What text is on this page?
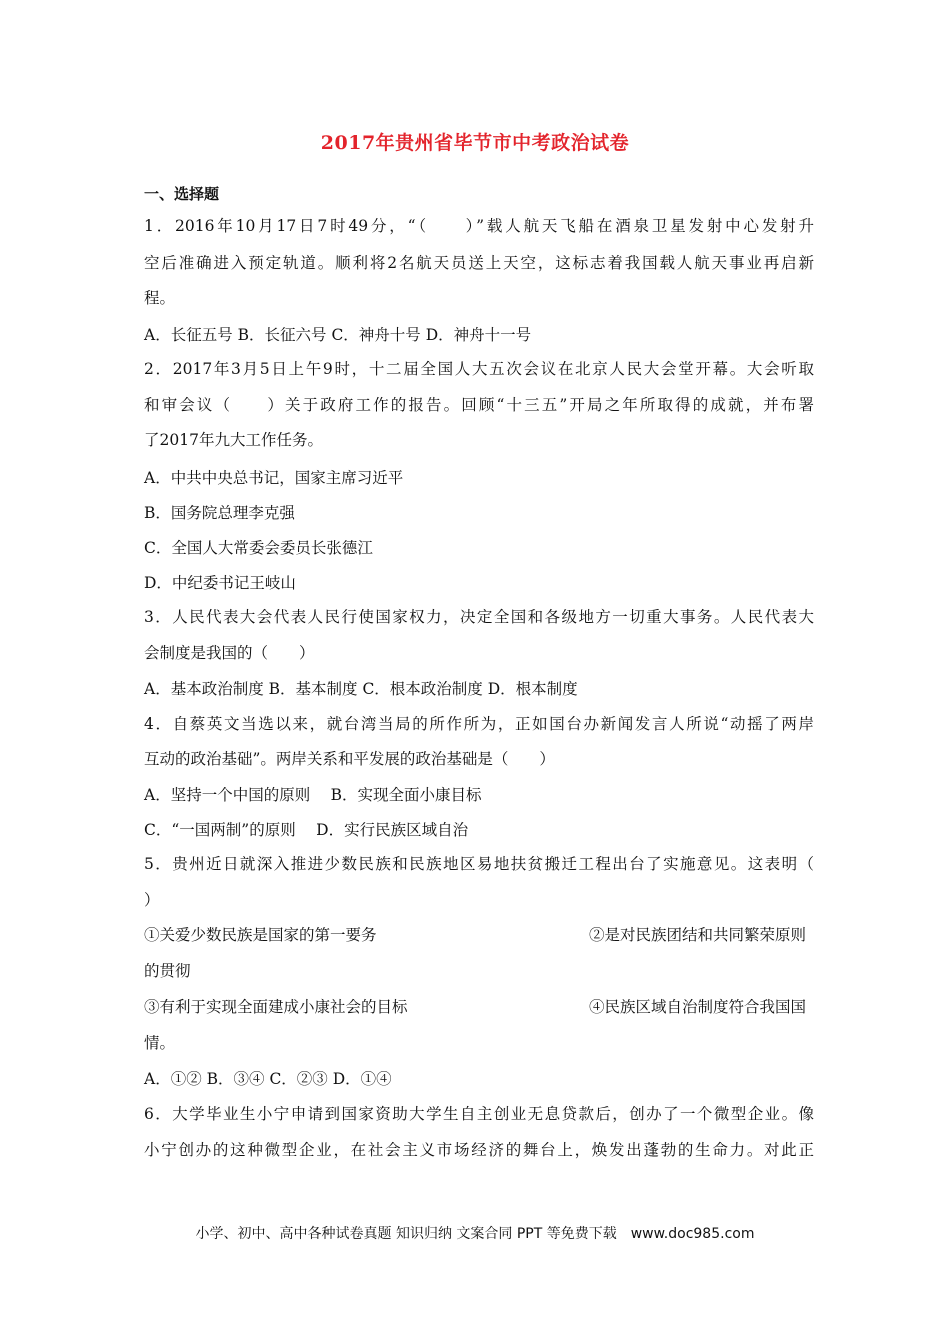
2017年贵州省毕节市中考政治试卷
一、选择题
1．2016年10月17日7时49分，“（　　）”载人航天飞船在酒泉卫星发射中心发射升
空后准确进入预定轨道。顺利将2名航天员送上天空，这标志着我国载人航天事业再启新
程。
A．长征五号 B．长征六号 C．神舟十号 D．神舟十一号
2．2017年3月5日上午9时，十二届全国人大五次会议在北京人民大会堂开幕。大会听取
和审会议（　　）关于政府工作的报告。回顾“十三五”开局之年所取得的成就，并布署
了2017年九大工作任务。
A．中共中央总书记，国家主席习近平
B．国务院总理李克强
C．全国人大常委会委员长张德江
D．中纪委书记王岐山
3．人民代表大会代表人民行使国家权力，决定全国和各级地方一切重大事务。人民代表大
会制度是我国的（　　）
A．基本政治制度 B．基本制度 C．根本政治制度 D．根本制度
4．自蔡英文当选以来，就台湾当局的所作所为，正如国台办新闻发言人所说“动摇了两岸
互动的政治基础”。两岸关系和平发展的政治基础是（　　）
A．坚持一个中国的原则　 B．实现全面小康目标
C．“一国两制”的原则　 D．实行民族区域自治
5．贵州近日就深入推进少数民族和民族地区易地扶贫搬迁工程出台了实施意见。这表明（
）
①关爱少数民族是国家的第一要务	②是对民族团结和共同繁荣原则
的贯彻
③有利于实现全面建成小康社会的目标	④民族区域自治制度符合我国国
情。
A．①② B．③④ C．②③ D．①④
6．大学毕业生小宁申请到国家资助大学生自主创业无息贷款后，创办了一个微型企业。像
小宁创办的这种微型企业，在社会主义市场经济的舞台上，焕发出蓬勃的生命力。对此正
小学、初中、高中各种试卷真题 知识归纳 文案合同 PPT 等免费下载　www.doc985.com
